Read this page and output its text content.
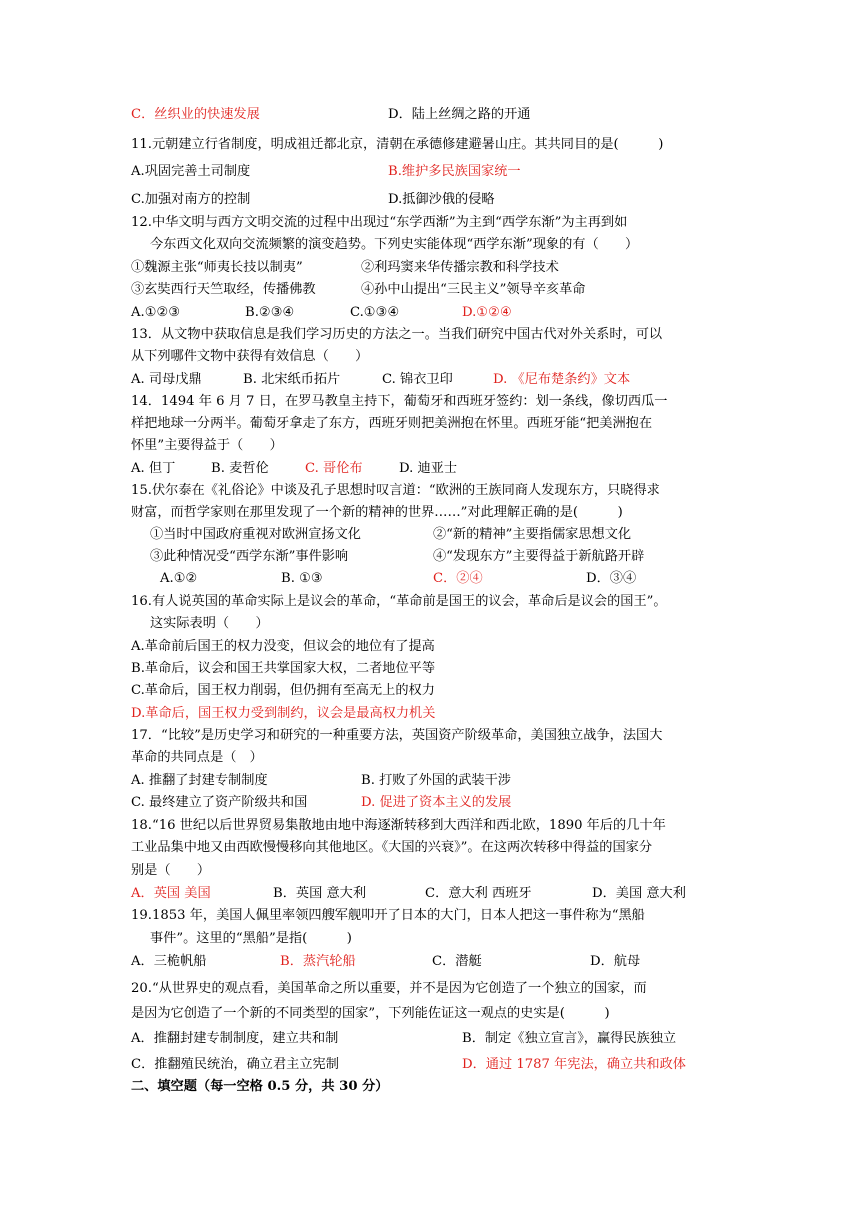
C．丝织业的快速发展	D．陆上丝绸之路的开通
11.元朝建立行省制度，明成祖迁都北京，清朝在承德修建避暑山庄。其共同目的是(　　　)
A.巩固完善土司制度	B.维护多民族国家统一
C.加强对南方的控制	D.抵御沙俄的侵略
12.中华文明与西方文明交流的过程中出现过“东学西渐”为主到“西学东渐”为主再到如
今东西文化双向交流频繁的演变趋势。下列史实能体现“西学东渐”现象的有（　　）
①魏源主张“师夷长技以制夷”	②利玛窦来华传播宗教和科学技术
③玄奘西行天竺取经，传播佛教	④孙中山提出“三民主义”领导辛亥革命
A.①②③	B.②③④	C.①③④	D.①②④
13．从文物中获取信息是我们学习历史的方法之一。当我们研究中国古代对外关系时，可以
从下列哪件文物中获得有效信息（　　）
A. 司母戊鼎	B. 北宋纸币拓片	C. 锦衣卫印	D. 《尼布楚条约》文本
14．1494 年 6 月 7 日，在罗马教皇主持下，葡萄牙和西班牙签约：划一条线，像切西瓜一
样把地球一分两半。葡萄牙拿走了东方，西班牙则把美洲抱在怀里。西班牙能“把美洲抱在
怀里”主要得益于（　　）
A. 但丁	B. 麦哲伦	C. 哥伦布	D. 迪亚士
15.伏尔泰在《礼俗论》中谈及孔子思想时叹言道：“欧洲的王族同商人发现东方，只晓得求
财富，而哲学家则在那里发现了一个新的精神的世界……”对此理解正确的是(　　　)
①当时中国政府重视对欧洲宣扬文化	②“新的精神”主要指儒家思想文化
③此种情况受“西学东渐”事件影响	④“发现东方”主要得益于新航路开辟
A.①②	B. ①③	C．②④	D．③④
16.有人说英国的革命实际上是议会的革命，“革命前是国王的议会，革命后是议会的国王”。
这实际表明（　　）
A.革命前后国王的权力没变，但议会的地位有了提高
B.革命后，议会和国王共掌国家大权，二者地位平等
C.革命后，国王权力削弱，但仍拥有至高无上的权力
D.革命后，国王权力受到制约，议会是最高权力机关
17．“比较”是历史学习和研究的一种重要方法，英国资产阶级革命，美国独立战争，法国大
革命的共同点是（　）
A. 推翻了封建专制制度	B. 打败了外国的武装干涉
C. 最终建立了资产阶级共和国	D. 促进了资本主义的发展
18.“16 世纪以后世界贸易集散地由地中海逐渐转移到大西洋和西北欧，1890 年后的几十年
工业品集中地又由西欧慢慢移向其他地区。《大国的兴衰》”。在这两次转移中得益的国家分
别是（　　）
A．英国 美国	B．英国 意大利	C．意大利 西班牙	D．美国 意大利
19.1853 年，美国人佩里率领四艘军舰叩开了日本的大门，日本人把这一事件称为“黑船
事件”。这里的“黑船”是指(　　　)
A．三桅帆船	B．蒸汽轮船	C．潜艇	D．航母
20.“从世界史的观点看，美国革命之所以重要，并不是因为它创造了一个独立的国家，而
是因为它创造了一个新的不同类型的国家”，下列能佐证这一观点的史实是(　　　)
A．推翻封建专制制度，建立共和制	B．制定《独立宣言》，赢得民族独立
C．推翻殖民统治，确立君主立宪制	D．通过 1787 年宪法，确立共和政体
二、填空题（每一空格 0.5 分，共 30 分）
